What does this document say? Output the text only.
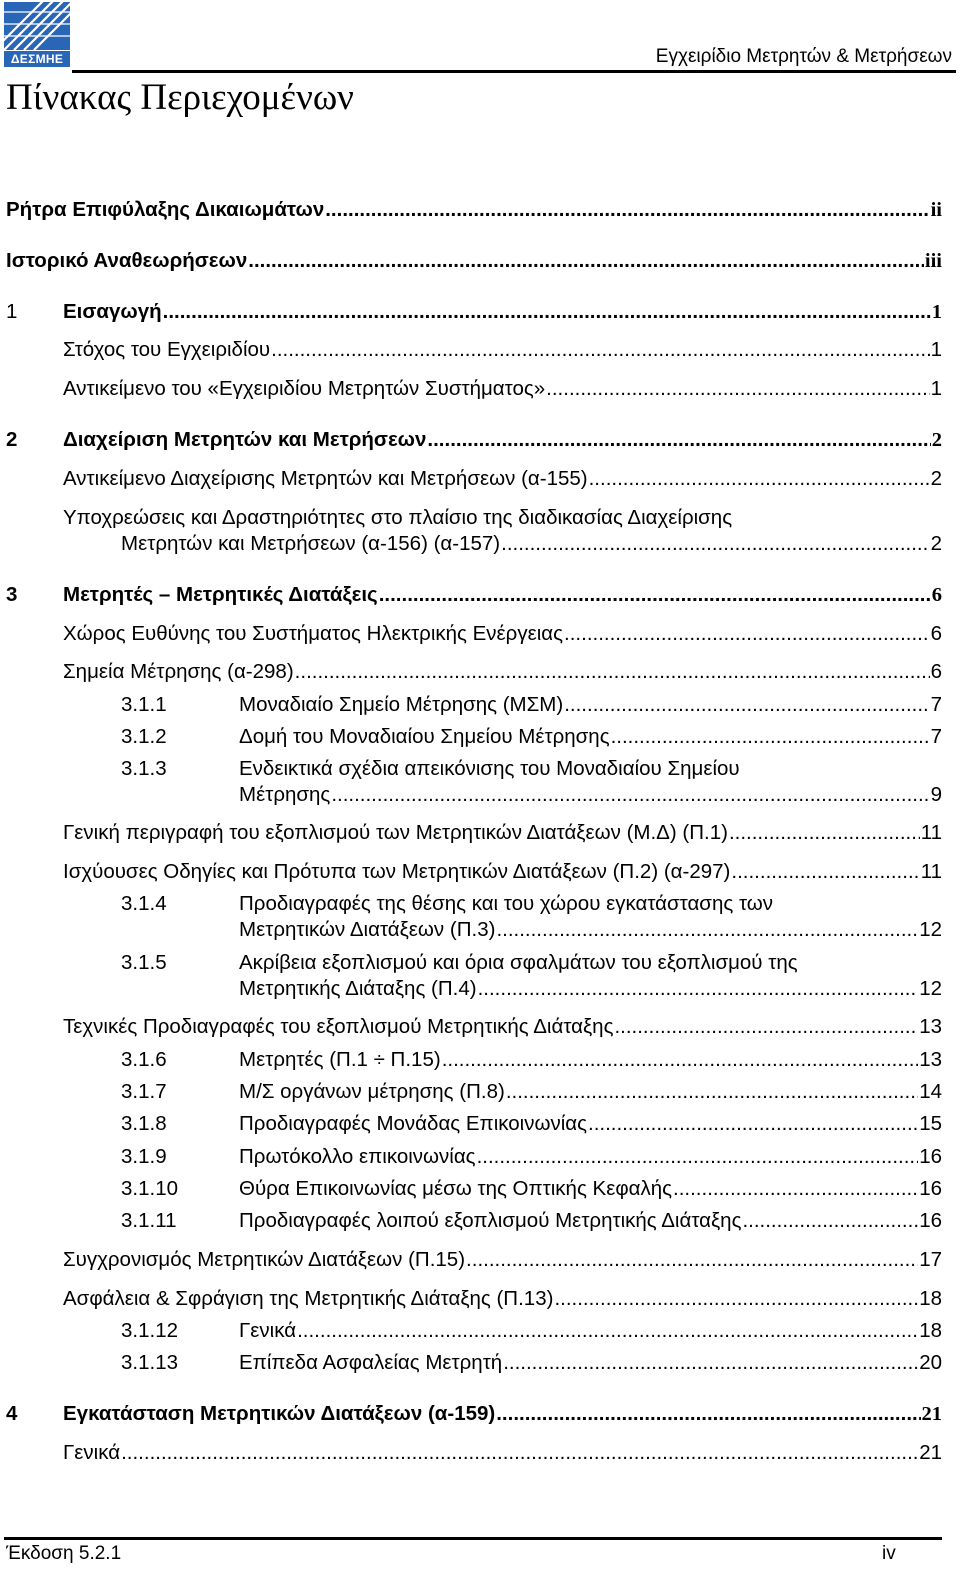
ΔΕΣΜΗΕ	Εγχειρίδιο Μετρητών & Μετρήσεων
Πίνακας Περιεχομένων
Ρήτρα Επιφύλαξης Δικαιωμάτων .....	ii
Ιστορικό Αναθεωρήσεων .....	iii
1 Εισαγωγή .....	1
Στόχος του Εγχειριδίου .....	1
Αντικείμενο του «Εγχειριδίου Μετρητών Συστήματος» .....	1
2 Διαχείριση Μετρητών και Μετρήσεων .....	2
Αντικείμενο Διαχείρισης Μετρητών και Μετρήσεων (α-155) .....	2
Υποχρεώσεις και Δραστηριότητες στο πλαίσιο της διαδικασίας Διαχείρισης
Μετρητών και Μετρήσεων (α-156) (α-157) .....	2
3 Μετρητές – Μετρητικές Διατάξεις .....	6
Χώρος Ευθύνης του Συστήματος Ηλεκτρικής Ενέργειας .....	6
Σημεία Μέτρησης (α-298) .....	6
3.1.1	Μοναδιαίο Σημείο Μέτρησης (ΜΣΜ) .....	7
3.1.2	Δομή του Μοναδιαίου Σημείου Μέτρησης .....	7
3.1.3	Ενδεικτικά σχέδια απεικόνισης του Μοναδιαίου Σημείου
Μέτρησης .....	9
Γενική περιγραφή του εξοπλισμού των Μετρητικών Διατάξεων (Μ.Δ) (Π.1) .....	11
Ισχύουσες Οδηγίες και Πρότυπα των Μετρητικών Διατάξεων (Π.2) (α-297) .....	11
3.1.4	Προδιαγραφές της θέσης και του χώρου εγκατάστασης των
Μετρητικών Διατάξεων (Π.3) .....	12
3.1.5	Ακρίβεια εξοπλισμού και όρια σφαλμάτων του εξοπλισμού της
Μετρητικής Διάταξης (Π.4) .....	12
Τεχνικές Προδιαγραφές του εξοπλισμού Μετρητικής Διάταξης .....	13
3.1.6	Μετρητές (Π.1 ÷ Π.15) .....	13
3.1.7	Μ/Σ οργάνων μέτρησης (Π.8) .....	14
3.1.8	Προδιαγραφές Μονάδας Επικοινωνίας .....	15
3.1.9	Πρωτόκολλο επικοινωνίας .....	16
3.1.10	Θύρα Επικοινωνίας μέσω της Οπτικής Κεφαλής .....	16
3.1.11	Προδιαγραφές λοιπού εξοπλισμού Μετρητικής Διάταξης .....	16
Συγχρονισμός Μετρητικών Διατάξεων (Π.15) .....	17
Ασφάλεια & Σφράγιση της Μετρητικής Διάταξης (Π.13) .....	18
3.1.12	Γενικά .....	18
3.1.13	Επίπεδα Ασφαλείας Μετρητή .....	20
4 Εγκατάσταση Μετρητικών Διατάξεων (α-159) .....	21
Γενικά .....	21
Έκδοση 5.2.1	iv
